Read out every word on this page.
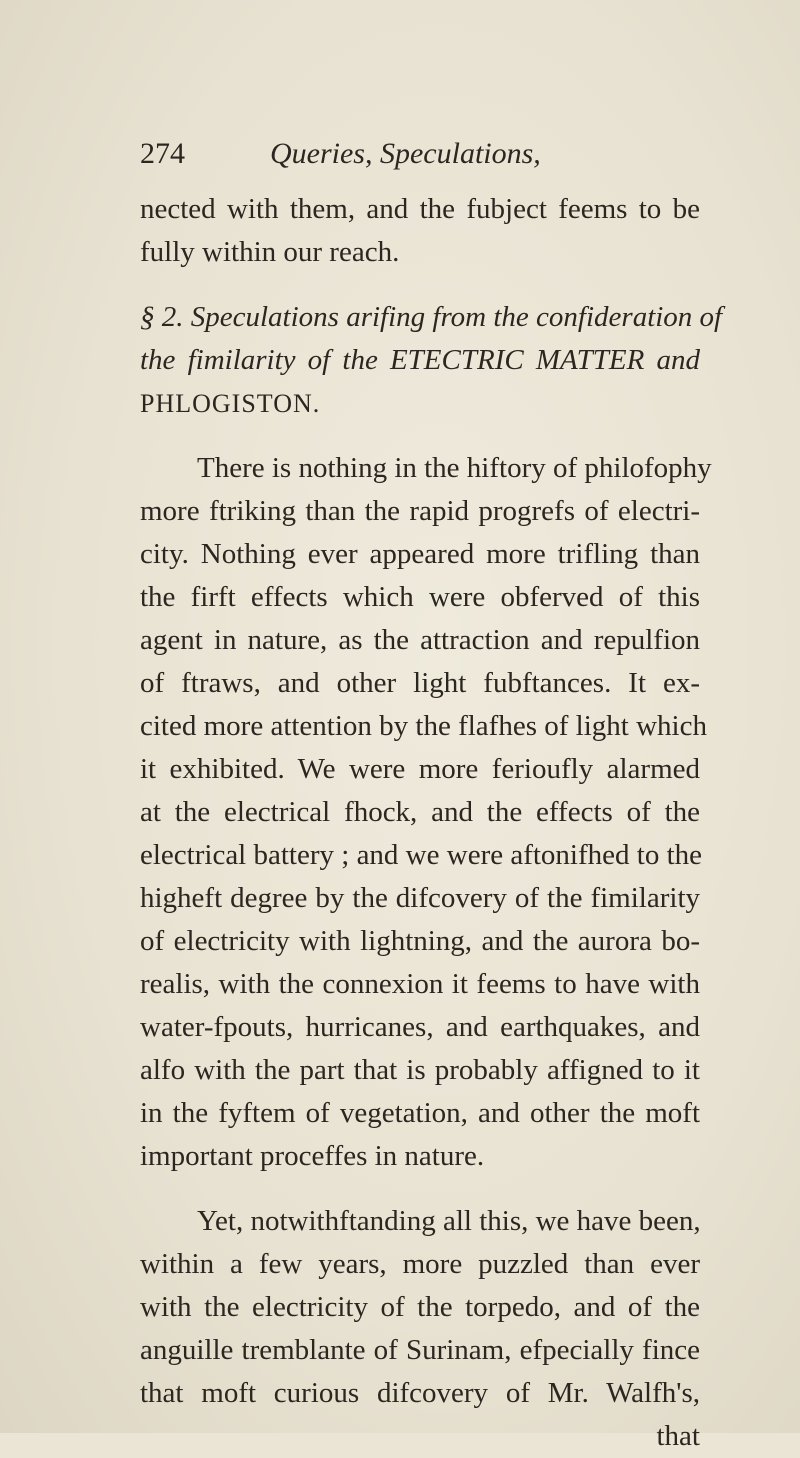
274	Queries, Speculations,
nected with them, and the fubject feems to be
fully within our reach.
§ 2. Speculations arifing from the confideration of
the fimilarity of the ETECTRIC MATTER and
PHLOGISTON.
There is nothing in the hiftory of philofophy
more ftriking than the rapid progrefs of electri-
city. Nothing ever appeared more trifling than
the firft effects which were obferved of this
agent in nature, as the attraction and repulfion
of ftraws, and other light fubftances. It ex-
cited more attention by the flafhes of light which
it exhibited. We were more ferioufly alarmed
at the electrical fhock, and the effects of the
electrical battery ; and we were aftonifhed to the
higheft degree by the difcovery of the fimilarity
of electricity with lightning, and the aurora bo-
realis, with the connexion it feems to have with
water-fpouts, hurricanes, and earthquakes, and
alfo with the part that is probably affigned to it
in the fyftem of vegetation, and other the moft
important proceffes in nature.
Yet, notwithftanding all this, we have been,
within a few years, more puzzled than ever
with the electricity of the torpedo, and of the
anguille tremblante of Surinam, efpecially fince
that moft curious difcovery of Mr. Walfh's,
that
